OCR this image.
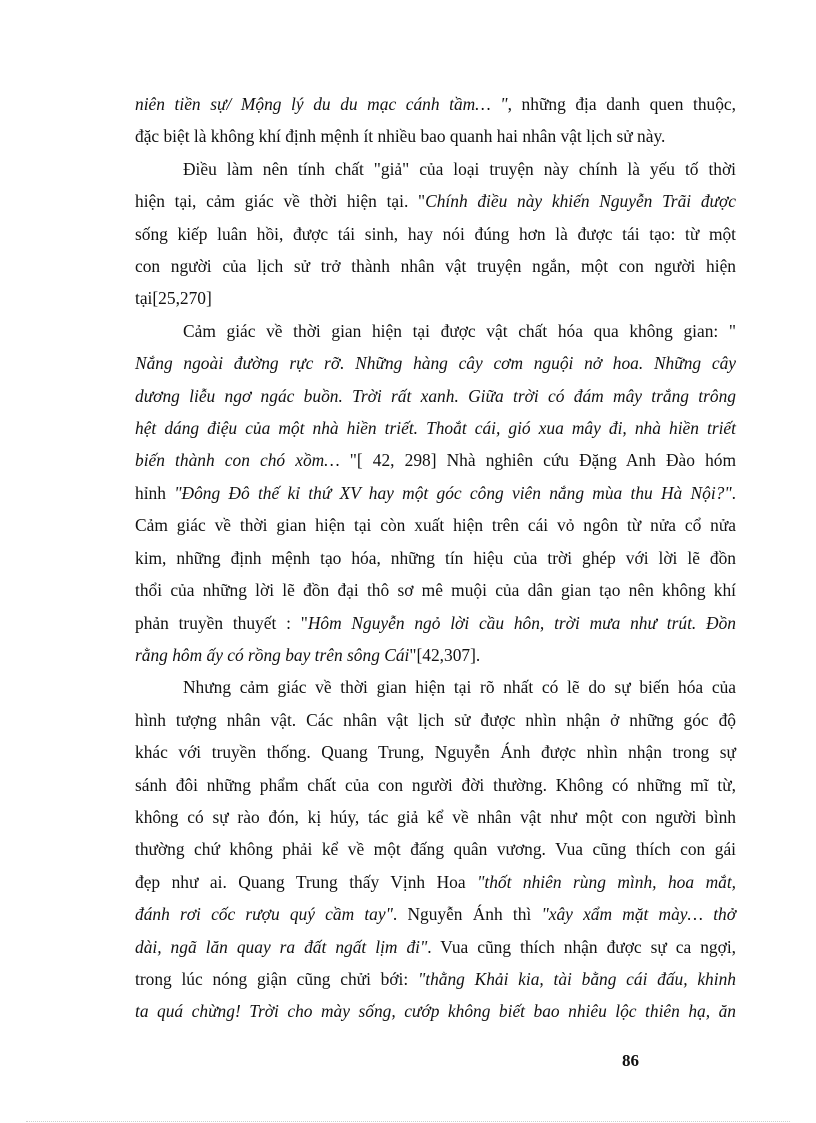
niên tiền sự/ Mộng lý du du mạc cánh tầm… ", những địa danh quen thuộc,
đặc biệt là không khí định mệnh ít nhiều bao quanh hai nhân vật lịch sử này.
Điều làm nên tính chất "giả" của loại truyện này chính là yếu tố thời
hiện tại, cảm giác về thời hiện tại. "Chính điều này khiến Nguyễn Trãi được
sống kiếp luân hồi, được tái sinh, hay nói đúng hơn là được tái tạo: từ một
con người của lịch sử trở thành nhân vật truyện ngắn, một con người hiện
tại[25,270]
Cảm giác về thời gian hiện tại được vật chất hóa qua không gian: "
Nắng ngoài đường rực rỡ. Những hàng cây cơm nguội nở hoa. Những cây
dương liễu ngơ ngác buồn. Trời rất xanh. Giữa trời có đám mây trắng trông
hệt dáng điệu của một nhà hiền triết. Thoắt cái, gió xua mây đi, nhà hiền triết
biến thành con chó xồm… "[ 42, 298] Nhà nghiên cứu Đặng Anh Đào hóm
hỉnh "Đông Đô thế kỉ thứ XV hay một góc công viên nắng mùa thu Hà Nội?".
Cảm giác về thời gian hiện tại còn xuất hiện trên cái vỏ ngôn từ nửa cổ nửa
kim, những định mệnh tạo hóa, những tín hiệu của trời ghép với lời lẽ đồn
thổi của những lời lẽ đồn đại thô sơ mê muội của dân gian tạo nên không khí
phản truyền thuyết : "Hôm Nguyễn ngỏ lời cầu hôn, trời mưa như trút. Đồn
rằng hôm ấy có rồng bay trên sông Cái"[42,307].
Nhưng cảm giác về thời gian hiện tại rõ nhất có lẽ do sự biến hóa của
hình tượng nhân vật. Các nhân vật lịch sử được nhìn nhận ở những góc độ
khác với truyền thống. Quang Trung, Nguyễn Ánh được nhìn nhận trong sự
sánh đôi những phẩm chất của con người đời thường. Không có những mĩ từ,
không có sự rào đón, kị húy, tác giả kể về nhân vật như một con người bình
thường chứ không phải kể về một đấng quân vương. Vua cũng thích con gái
đẹp như ai. Quang Trung thấy Vịnh Hoa "thốt nhiên rùng mình, hoa mắt,
đánh rơi cốc rượu quý cầm tay". Nguyễn Ánh thì "xây xẩm mặt mày… thở
dài, ngã lăn quay ra đất ngất lịm đi". Vua cũng thích nhận được sự ca ngợi,
trong lúc nóng giận cũng chửi bới: "thằng Khải kia, tài bằng cái đấu, khinh
ta quá chừng! Trời cho mày sống, cướp không biết bao nhiêu lộc thiên hạ, ăn
86
